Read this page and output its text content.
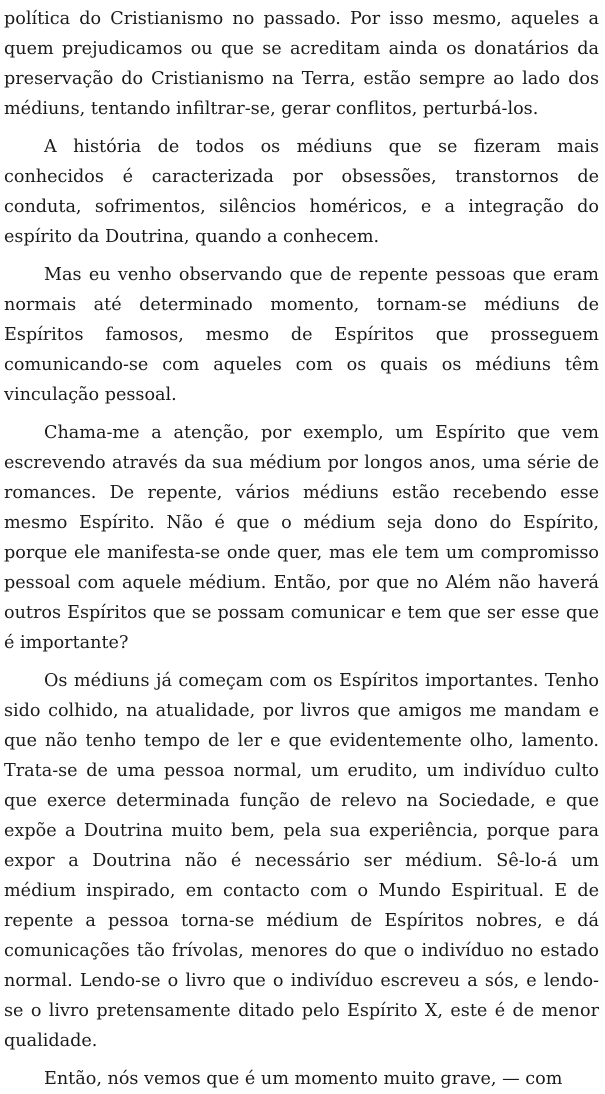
política do Cristianismo no passado. Por isso mesmo, aqueles a quem prejudicamos ou que se acreditam ainda os donatários da preservação do Cristianismo na Terra, estão sempre ao lado dos médiuns, tentando infiltrar-se, gerar conflitos, perturbá-los.

A história de todos os médiuns que se fizeram mais conhecidos é caracterizada por obsessões, transtornos de conduta, sofrimentos, silêncios homéricos, e a integração do espírito da Doutrina, quando a conhecem.

Mas eu venho observando que de repente pessoas que eram normais até determinado momento, tornam-se médiuns de Espíritos famosos, mesmo de Espíritos que prosseguem comunicando-se com aqueles com os quais os médiuns têm vinculação pessoal.

Chama-me a atenção, por exemplo, um Espírito que vem escrevendo através da sua médium por longos anos, uma série de romances. De repente, vários médiuns estão recebendo esse mesmo Espírito. Não é que o médium seja dono do Espírito, porque ele manifesta-se onde quer, mas ele tem um compromisso pessoal com aquele médium. Então, por que no Além não haverá outros Espíritos que se possam comunicar e tem que ser esse que é importante?

Os médiuns já começam com os Espíritos importantes. Tenho sido colhido, na atualidade, por livros que amigos me mandam e que não tenho tempo de ler e que evidentemente olho, lamento. Trata-se de uma pessoa normal, um erudito, um indivíduo culto que exerce determinada função de relevo na Sociedade, e que expõe a Doutrina muito bem, pela sua experiência, porque para expor a Doutrina não é necessário ser médium. Sê-lo-á um médium inspirado, em contacto com o Mundo Espiritual. E de repente a pessoa torna-se médium de Espíritos nobres, e dá comunicações tão frívolas, menores do que o indivíduo no estado normal. Lendo-se o livro que o indivíduo escreveu a sós, e lendo-se o livro pretensamente ditado pelo Espírito X, este é de menor qualidade.

Então, nós vemos que é um momento muito grave, — com
